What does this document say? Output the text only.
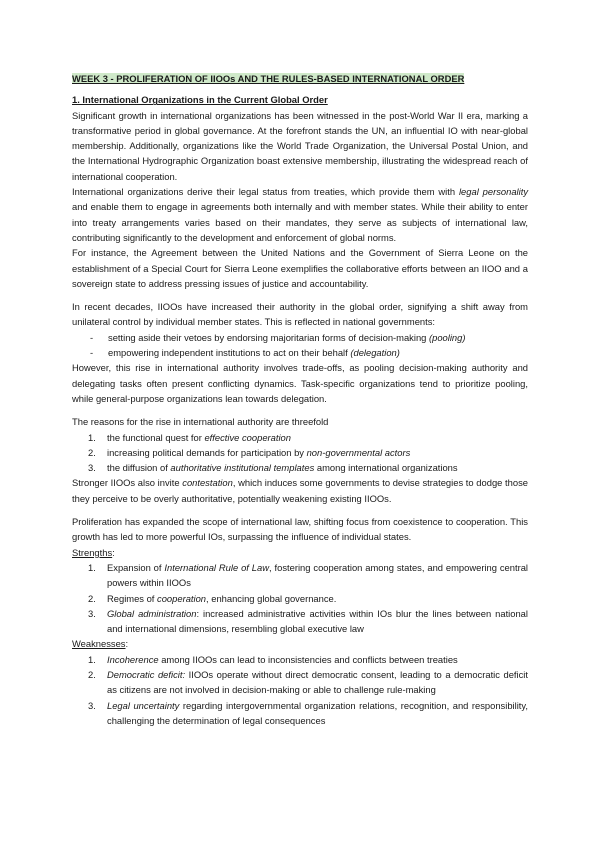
WEEK 3 - PROLIFERATION OF IIOOs AND THE RULES-BASED INTERNATIONAL ORDER

1. International Organizations in the Current Global Order

Significant growth in international organizations has been witnessed in the post-World War II era, marking a transformative period in global governance. At the forefront stands the UN, an influential IO with near-global membership. Additionally, organizations like the World Trade Organization, the Universal Postal Union, and the International Hydrographic Organization boast extensive membership, illustrating the widespread reach of international cooperation.

International organizations derive their legal status from treaties, which provide them with legal personality and enable them to engage in agreements both internally and with member states. While their ability to enter into treaty arrangements varies based on their mandates, they serve as subjects of international law, contributing significantly to the development and enforcement of global norms.

For instance, the Agreement between the United Nations and the Government of Sierra Leone on the establishment of a Special Court for Sierra Leone exemplifies the collaborative efforts between an IIOO and a sovereign state to address pressing issues of justice and accountability.

In recent decades, IIOOs have increased their authority in the global order, signifying a shift away from unilateral control by individual member states. This is reflected in national governments:

- setting aside their vetoes by endorsing majoritarian forms of decision-making (pooling)
- empowering independent institutions to act on their behalf (delegation)

However, this rise in international authority involves trade-offs, as pooling decision-making authority and delegating tasks often present conflicting dynamics. Task-specific organizations tend to prioritize pooling, while general-purpose organizations lean towards delegation.

The reasons for the rise in international authority are threefold

1. the functional quest for effective cooperation
2. increasing political demands for participation by non-governmental actors
3. the diffusion of authoritative institutional templates among international organizations

Stronger IIOOs also invite contestation, which induces some governments to devise strategies to dodge those they perceive to be overly authoritative, potentially weakening existing IIOOs.

Proliferation has expanded the scope of international law, shifting focus from coexistence to cooperation. This growth has led to more powerful IOs, surpassing the influence of individual states.

Strengths:

1. Expansion of International Rule of Law, fostering cooperation among states, and empowering central powers within IIOOs
2. Regimes of cooperation, enhancing global governance.
3. Global administration: increased administrative activities within IOs blur the lines between national and international dimensions, resembling global executive law

Weaknesses:

1. Incoherence among IIOOs can lead to inconsistencies and conflicts between treaties
2. Democratic deficit: IIOOs operate without direct democratic consent, leading to a democratic deficit as citizens are not involved in decision-making or able to challenge rule-making
3. Legal uncertainty regarding intergovernmental organization relations, recognition, and responsibility, challenging the determination of legal consequences
